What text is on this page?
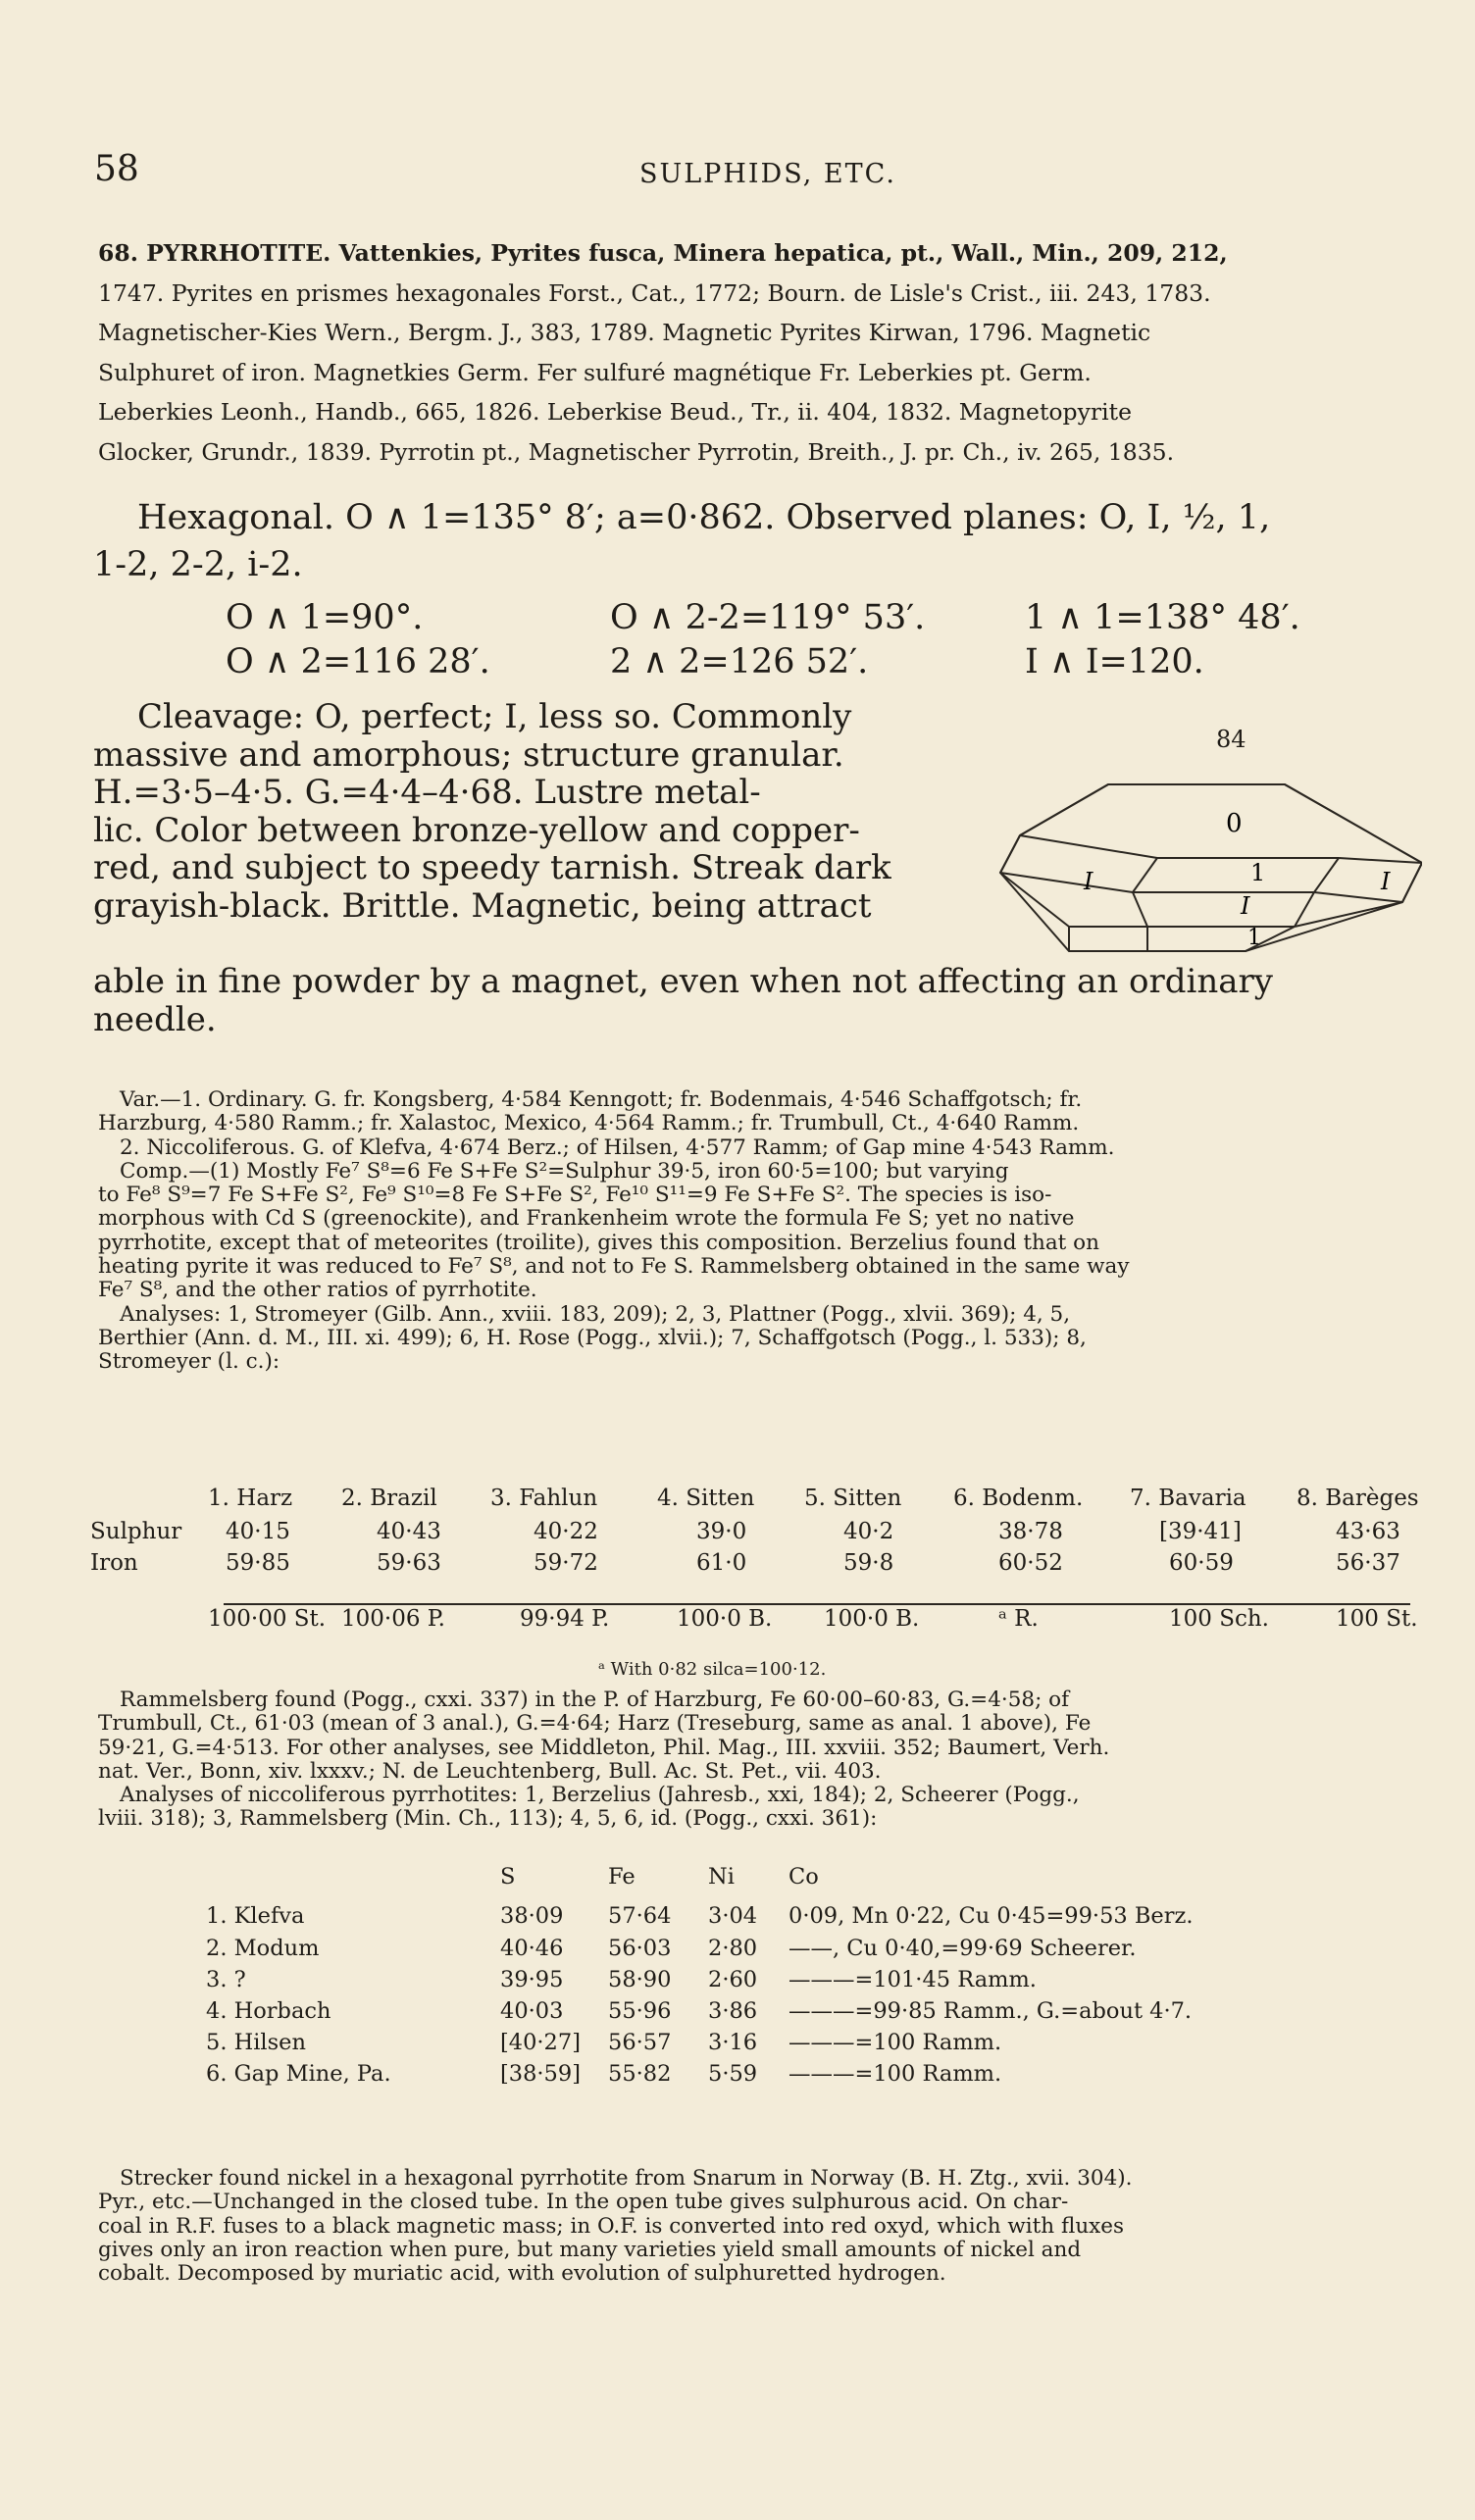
58	SULPHIDS, ETC.
68. PYRRHOTITE. Vattenkies, Pyrites fusca, Minera hepatica, pt., Wall., Min., 209, 212,
1747. Pyrites en prismes hexagonales Forst., Cat., 1772; Bourn. de Lisle's Crist., iii. 243, 1783.
Magnetischer-Kies Wern., Bergm. J., 383, 1789. Magnetic Pyrites Kirwan, 1796. Magnetic
Sulphuret of iron. Magnetkies Germ. Fer sulfuré magnétique Fr. Leberkies pt. Germ.
Leberkies Leonh., Handb., 665, 1826. Leberkise Beud., Tr., ii. 404, 1832. Magnetopyrite
Glocker, Grundr., 1839. Pyrrotin pt., Magnetischer Pyrrotin, Breith., J. pr. Ch., iv. 265, 1835.
Hexagonal. O ∧ 1=135° 8′; a=0·862. Observed planes: O, I, ½, 1,
1-2, 2-2, i-2.
O ∧ 1=90°.	O ∧ 2-2=119° 53′.	1 ∧ 1=138° 48′.
O ∧ 2=116 28′.	2 ∧ 2=126 52′.	I ∧ I=120.
Cleavage: O, perfect; I, less so. Commonly
massive and amorphous; structure granular.
H.=3·5–4·5. G.=4·4–4·68. Lustre metal-
lic. Color between bronze-yellow and copper-
red, and subject to speedy tarnish. Streak dark
grayish-black. Brittle. Magnetic, being attract
able in fine powder by a magnet, even when not affecting an ordinary
needle.
84
0
1
I
I
I
1
Var.—1. Ordinary. G. fr. Kongsberg, 4·584 Kenngott; fr. Bodenmais, 4·546 Schaffgotsch; fr.
Harzburg, 4·580 Ramm.; fr. Xalastoc, Mexico, 4·564 Ramm.; fr. Trumbull, Ct., 4·640 Ramm.
2. Niccoliferous. G. of Klefva, 4·674 Berz.; of Hilsen, 4·577 Ramm; of Gap mine 4·543 Ramm.
Comp.—(1) Mostly Fe⁷ S⁸=6 Fe S+Fe S²=Sulphur 39·5, iron 60·5=100; but varying
to Fe⁸ S⁹=7 Fe S+Fe S², Fe⁹ S¹⁰=8 Fe S+Fe S², Fe¹⁰ S¹¹=9 Fe S+Fe S². The species is iso-
morphous with Cd S (greenockite), and Frankenheim wrote the formula Fe S; yet no native
pyrrhotite, except that of meteorites (troilite), gives this composition. Berzelius found that on
heating pyrite it was reduced to Fe⁷ S⁸, and not to Fe S. Rammelsberg obtained in the same way
Fe⁷ S⁸, and the other ratios of pyrrhotite.
Analyses: 1, Stromeyer (Gilb. Ann., xviii. 183, 209); 2, 3, Plattner (Pogg., xlvii. 369); 4, 5,
Berthier (Ann. d. M., III. xi. 499); 6, H. Rose (Pogg., xlvii.); 7, Schaffgotsch (Pogg., l. 533); 8,
Stromeyer (l. c.):
	1. Harz	2. Brazil	3. Fahlun	4. Sitten	5. Sitten	6. Bodenm.	7. Bavaria	8. Barèges
Sulphur	40·15	40·43	40·22	39·0	40·2	38·78	[39·41]	43·63
Iron	59·85	59·63	59·72	61·0	59·8	60·52	60·59	56·37
	100·00 St.	100·06 P.	99·94 P.	100·0 B.	100·0 B.	ᵃ R.	100 Sch.	100 St.
ᵃ With 0·82 silca=100·12.
Rammelsberg found (Pogg., cxxi. 337) in the P. of Harzburg, Fe 60·00–60·83, G.=4·58; of
Trumbull, Ct., 61·03 (mean of 3 anal.), G.=4·64; Harz (Treseburg, same as anal. 1 above), Fe
59·21, G.=4·513. For other analyses, see Middleton, Phil. Mag., III. xxviii. 352; Baumert, Verh.
nat. Ver., Bonn, xiv. lxxxv.; N. de Leuchtenberg, Bull. Ac. St. Pet., vii. 403.
Analyses of niccoliferous pyrrhotites: 1, Berzelius (Jahresb., xxi, 184); 2, Scheerer (Pogg.,
lviii. 318); 3, Rammelsberg (Min. Ch., 113); 4, 5, 6, id. (Pogg., cxxi. 361):
	S	Fe	Ni	Co
1. Klefva	38·09	57·64	3·04	0·09, Mn 0·22, Cu 0·45=99·53 Berz.
2. Modum	40·46	56·03	2·80	——, Cu 0·40,=99·69 Scheerer.
3. ?	39·95	58·90	2·60	———=101·45 Ramm.
4. Horbach	40·03	55·96	3·86	———=99·85 Ramm., G.=about 4·7.
5. Hilsen	[40·27]	56·57	3·16	———=100 Ramm.
6. Gap Mine, Pa.	[38·59]	55·82	5·59	———=100 Ramm.
Strecker found nickel in a hexagonal pyrrhotite from Snarum in Norway (B. H. Ztg., xvii. 304).
Pyr., etc.—Unchanged in the closed tube. In the open tube gives sulphurous acid. On char-
coal in R.F. fuses to a black magnetic mass; in O.F. is converted into red oxyd, which with fluxes
gives only an iron reaction when pure, but many varieties yield small amounts of nickel and
cobalt. Decomposed by muriatic acid, with evolution of sulphuretted hydrogen.
